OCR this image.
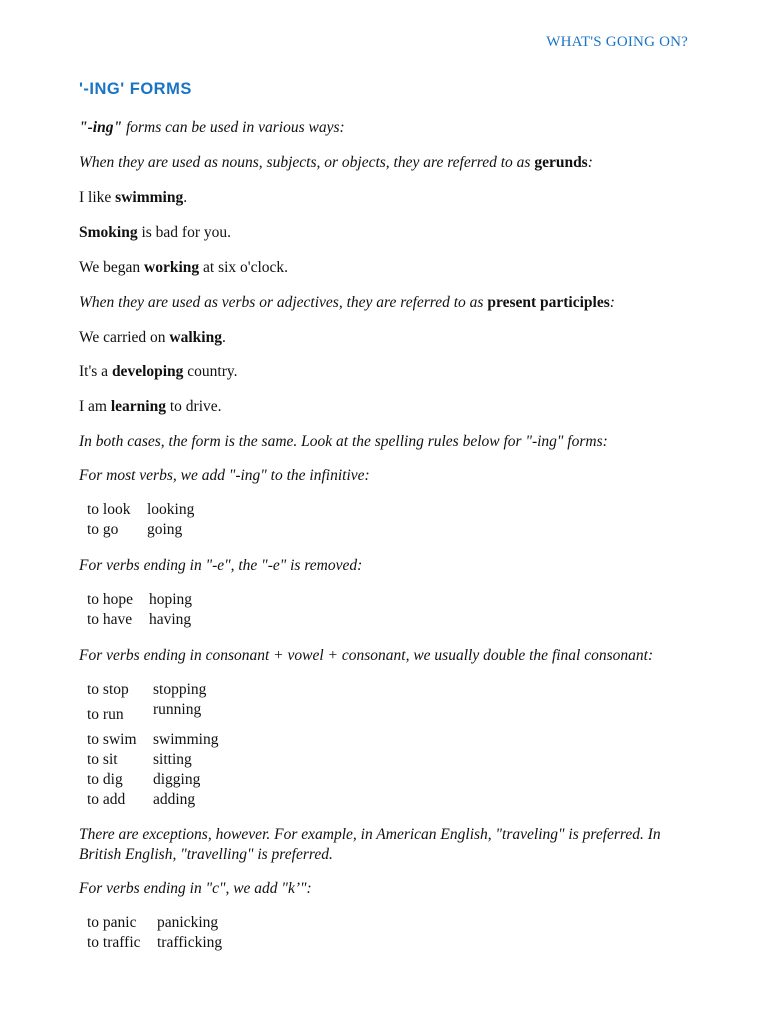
WHAT'S GOING ON?
'-ING' FORMS
"-ing" forms can be used in various ways:
When they are used as nouns, subjects, or objects, they are referred to as gerunds:
I like swimming.
Smoking is bad for you.
We began working at six o'clock.
When they are used as verbs or adjectives, they are referred to as present participles:
We carried on walking.
It's a developing country.
I am learning to drive.
In both cases, the form is the same. Look at the spelling rules below for "-ing" forms:
For most verbs, we add "-ing" to the infinitive:
to look looking
to go going
For verbs ending in "-e", the "-e" is removed:
to hope hoping
to have having
For verbs ending in consonant + vowel + consonant, we usually double the final consonant:
to stop stopping
to run running
to swim swimming
to sit sitting
to dig digging
to add adding
There are exceptions, however. For example, in American English, "traveling" is preferred. In British English, "travelling" is preferred.
For verbs ending in "c", we add "k’":
to panic panicking
to traffic trafficking
